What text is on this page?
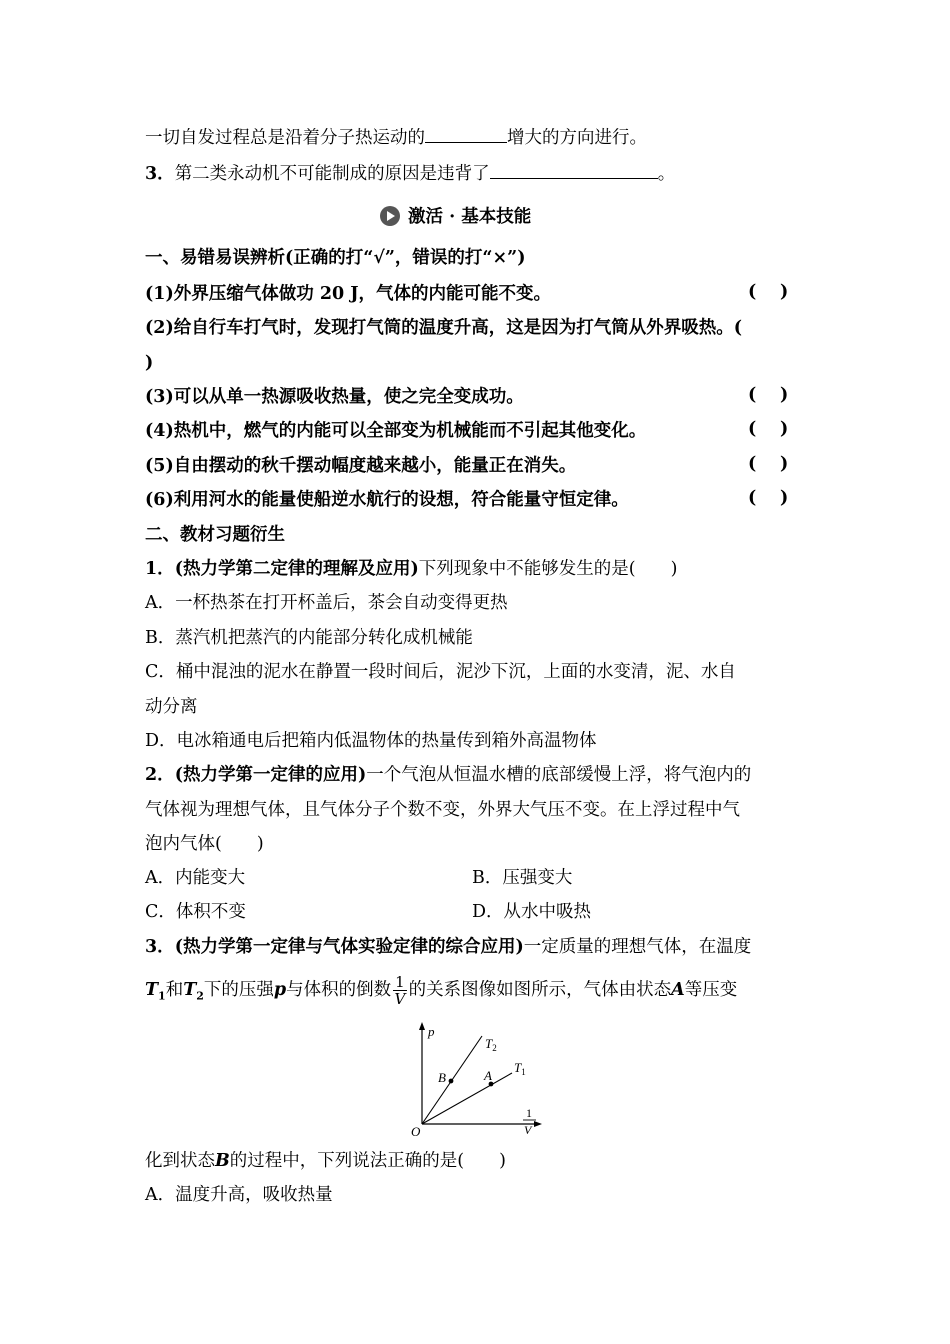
一切自发过程总是沿着分子热运动的	增大的方向进行。
3．第二类永动机不可能制成的原因是违背了	。
激活 · 基本技能
一、易错易误辨析(正确的打“√”，错误的打“×”)
(1)外界压缩气体做功 20 J，气体的内能可能不变。	( )
(2)给自行车打气时，发现打气筒的温度升高，这是因为打气筒从外界吸热。(
)
(3)可以从单一热源吸收热量，使之完全变成功。	( )
(4)热机中，燃气的内能可以全部变为机械能而不引起其他变化。	( )
(5)自由摆动的秋千摆动幅度越来越小，能量正在消失。	( )
(6)利用河水的能量使船逆水航行的设想，符合能量守恒定律。	( )
二、教材习题衍生
1．(热力学第二定律的理解及应用)下列现象中不能够发生的是(　　)
A．一杯热茶在打开杯盖后，茶会自动变得更热
B．蒸汽机把蒸汽的内能部分转化成机械能
C．桶中混浊的泥水在静置一段时间后，泥沙下沉，上面的水变清，泥、水自
动分离
D．电冰箱通电后把箱内低温物体的热量传到箱外高温物体
2．(热力学第一定律的应用)一个气泡从恒温水槽的底部缓慢上浮，将气泡内的
气体视为理想气体，且气体分子个数不变，外界大气压不变。在上浮过程中气
泡内气体(　　)
A．内能变大	B．压强变大
C．体积不变	D．从水中吸热
3．(热力学第一定律与气体实验定律的综合应用)一定质量的理想气体，在温度
$T_1$和$T_2$下的压强p与体积的倒数 $\frac{1}{V}$ 的关系图像如图所示，气体由状态A等压变
p
O
$T_2$
$T_1$
B	A
1
V
化到状态B的过程中，下列说法正确的是(　　)
A．温度升高，吸收热量
